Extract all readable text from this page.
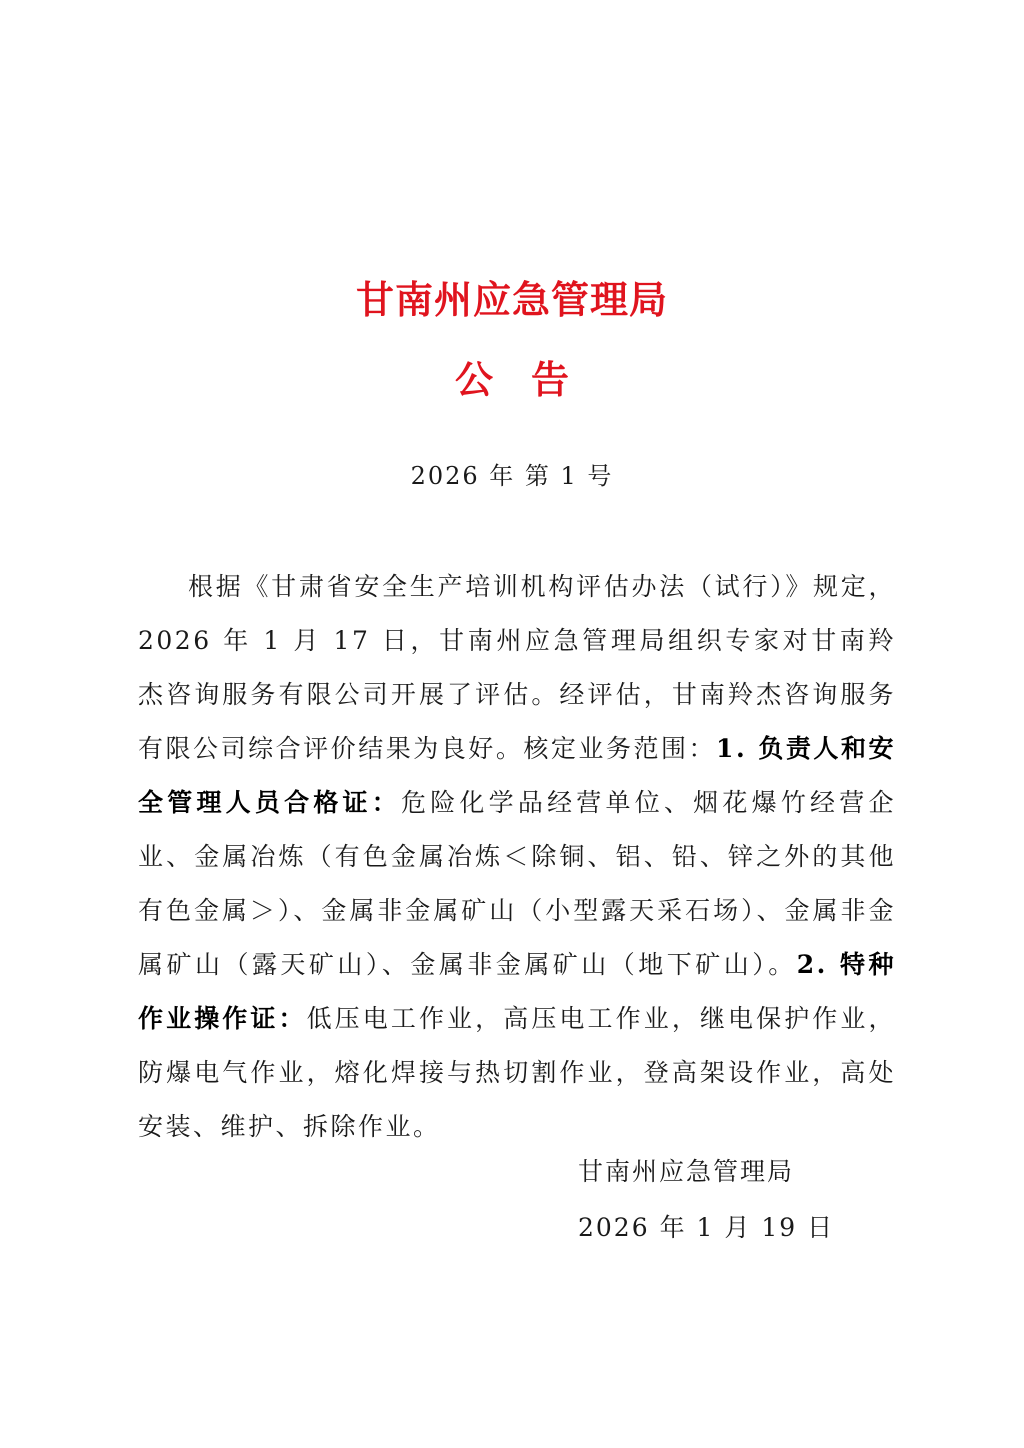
甘南州应急管理局
公　告
2026 年 第 1 号
根据《甘肃省安全生产培训机构评估办法（试行）》规定，2026 年 1 月 17 日，甘南州应急管理局组织专家对甘南羚杰咨询服务有限公司开展了评估。经评估，甘南羚杰咨询服务有限公司综合评价结果为良好。核定业务范围：1. 负责人和安全管理人员合格证：危险化学品经营单位、烟花爆竹经营企业、金属冶炼（有色金属冶炼＜除铜、铝、铅、锌之外的其他有色金属＞）、金属非金属矿山（小型露天采石场）、金属非金属矿山（露天矿山）、金属非金属矿山（地下矿山）。2. 特种作业操作证：低压电工作业，高压电工作业，继电保护作业，防爆电气作业，熔化焊接与热切割作业，登高架设作业，高处安装、维护、拆除作业。
甘南州应急管理局
2026 年 1 月 19 日
